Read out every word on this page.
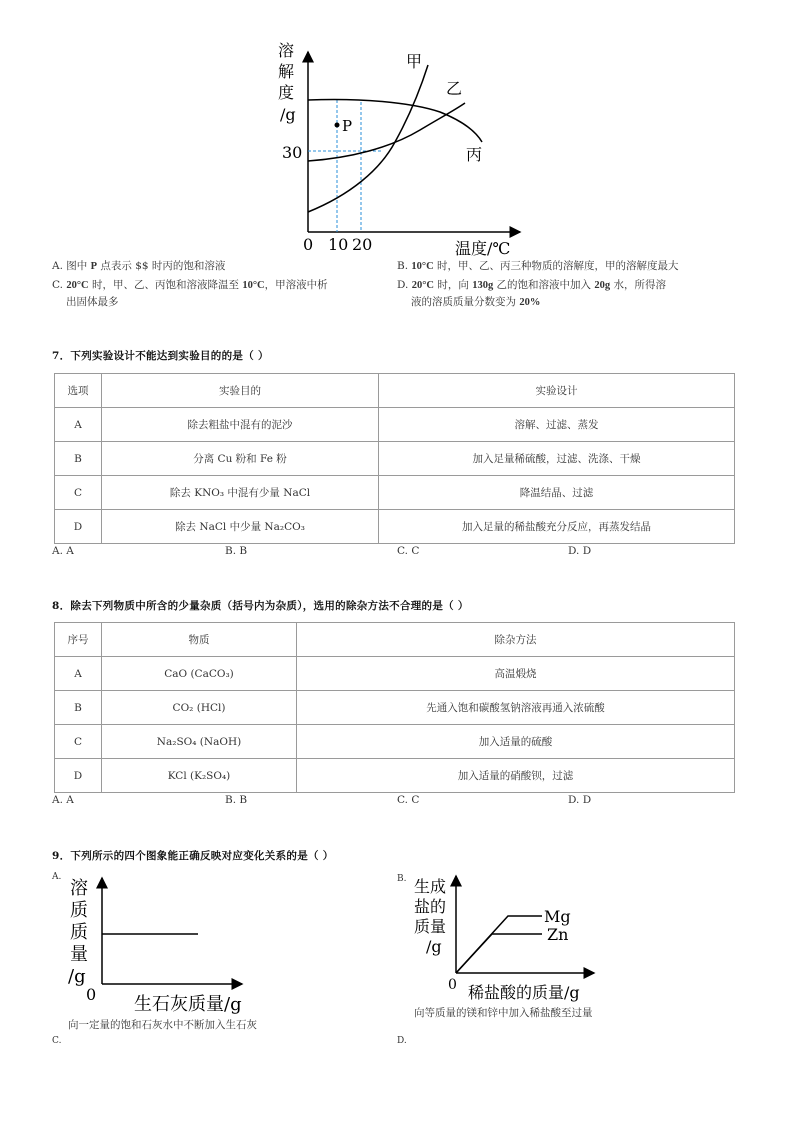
溶
解
度
/g
30
0 10 20	温度/℃
P
甲
乙
丙
A. 图中 P 点表示 $$ 时丙的饱和溶液	B. 10°C 时，甲、乙、丙三种物质的溶解度，甲的溶解度最大
C. 20°C 时，甲、乙、丙饱和溶液降温至 10°C，甲溶液中析
出固体最多
D. 20°C 时，向 130g 乙的饱和溶液中加入 20g 水，所得溶
液的溶质质量分数变为 20%
7．下列实验设计不能达到实验目的的是（ ）
选项	实验目的	实验设计
A	除去粗盐中混有的泥沙	溶解、过滤、蒸发
B	分离 Cu 粉和 Fe 粉	加入足量稀硫酸，过滤、洗涤、干燥
C	除去 KNO₃ 中混有少量 NaCl	降温结晶、过滤
D	除去 NaCl 中少量 Na₂CO₃	加入足量的稀盐酸充分反应，再蒸发结晶
A. A	B. B	C. C	D. D
8．除去下列物质中所含的少量杂质（括号内为杂质），选用的除杂方法不合理的是（ ）
序号	物质	除杂方法
A	CaO (CaCO₃)	高温煅烧
B	CO₂ (HCl)	先通入饱和碳酸氢钠溶液再通入浓硫酸
C	Na₂SO₄ (NaOH)	加入适量的硫酸
D	KCl (K₂SO₄)	加入适量的硝酸钡，过滤
A. A	B. B	C. C	D. D
9．下列所示的四个图象能正确反映对应变化关系的是（ ）
A.
溶
质
质
量
/g
0 生石灰质量/g
向一定量的饱和石灰水中不断加入生石灰
B. 生成
盐的
质量
/g
0
Mg
Zn
稀盐酸的质量/g
向等质量的镁和锌中加入稀盐酸至过量
C.	D.
